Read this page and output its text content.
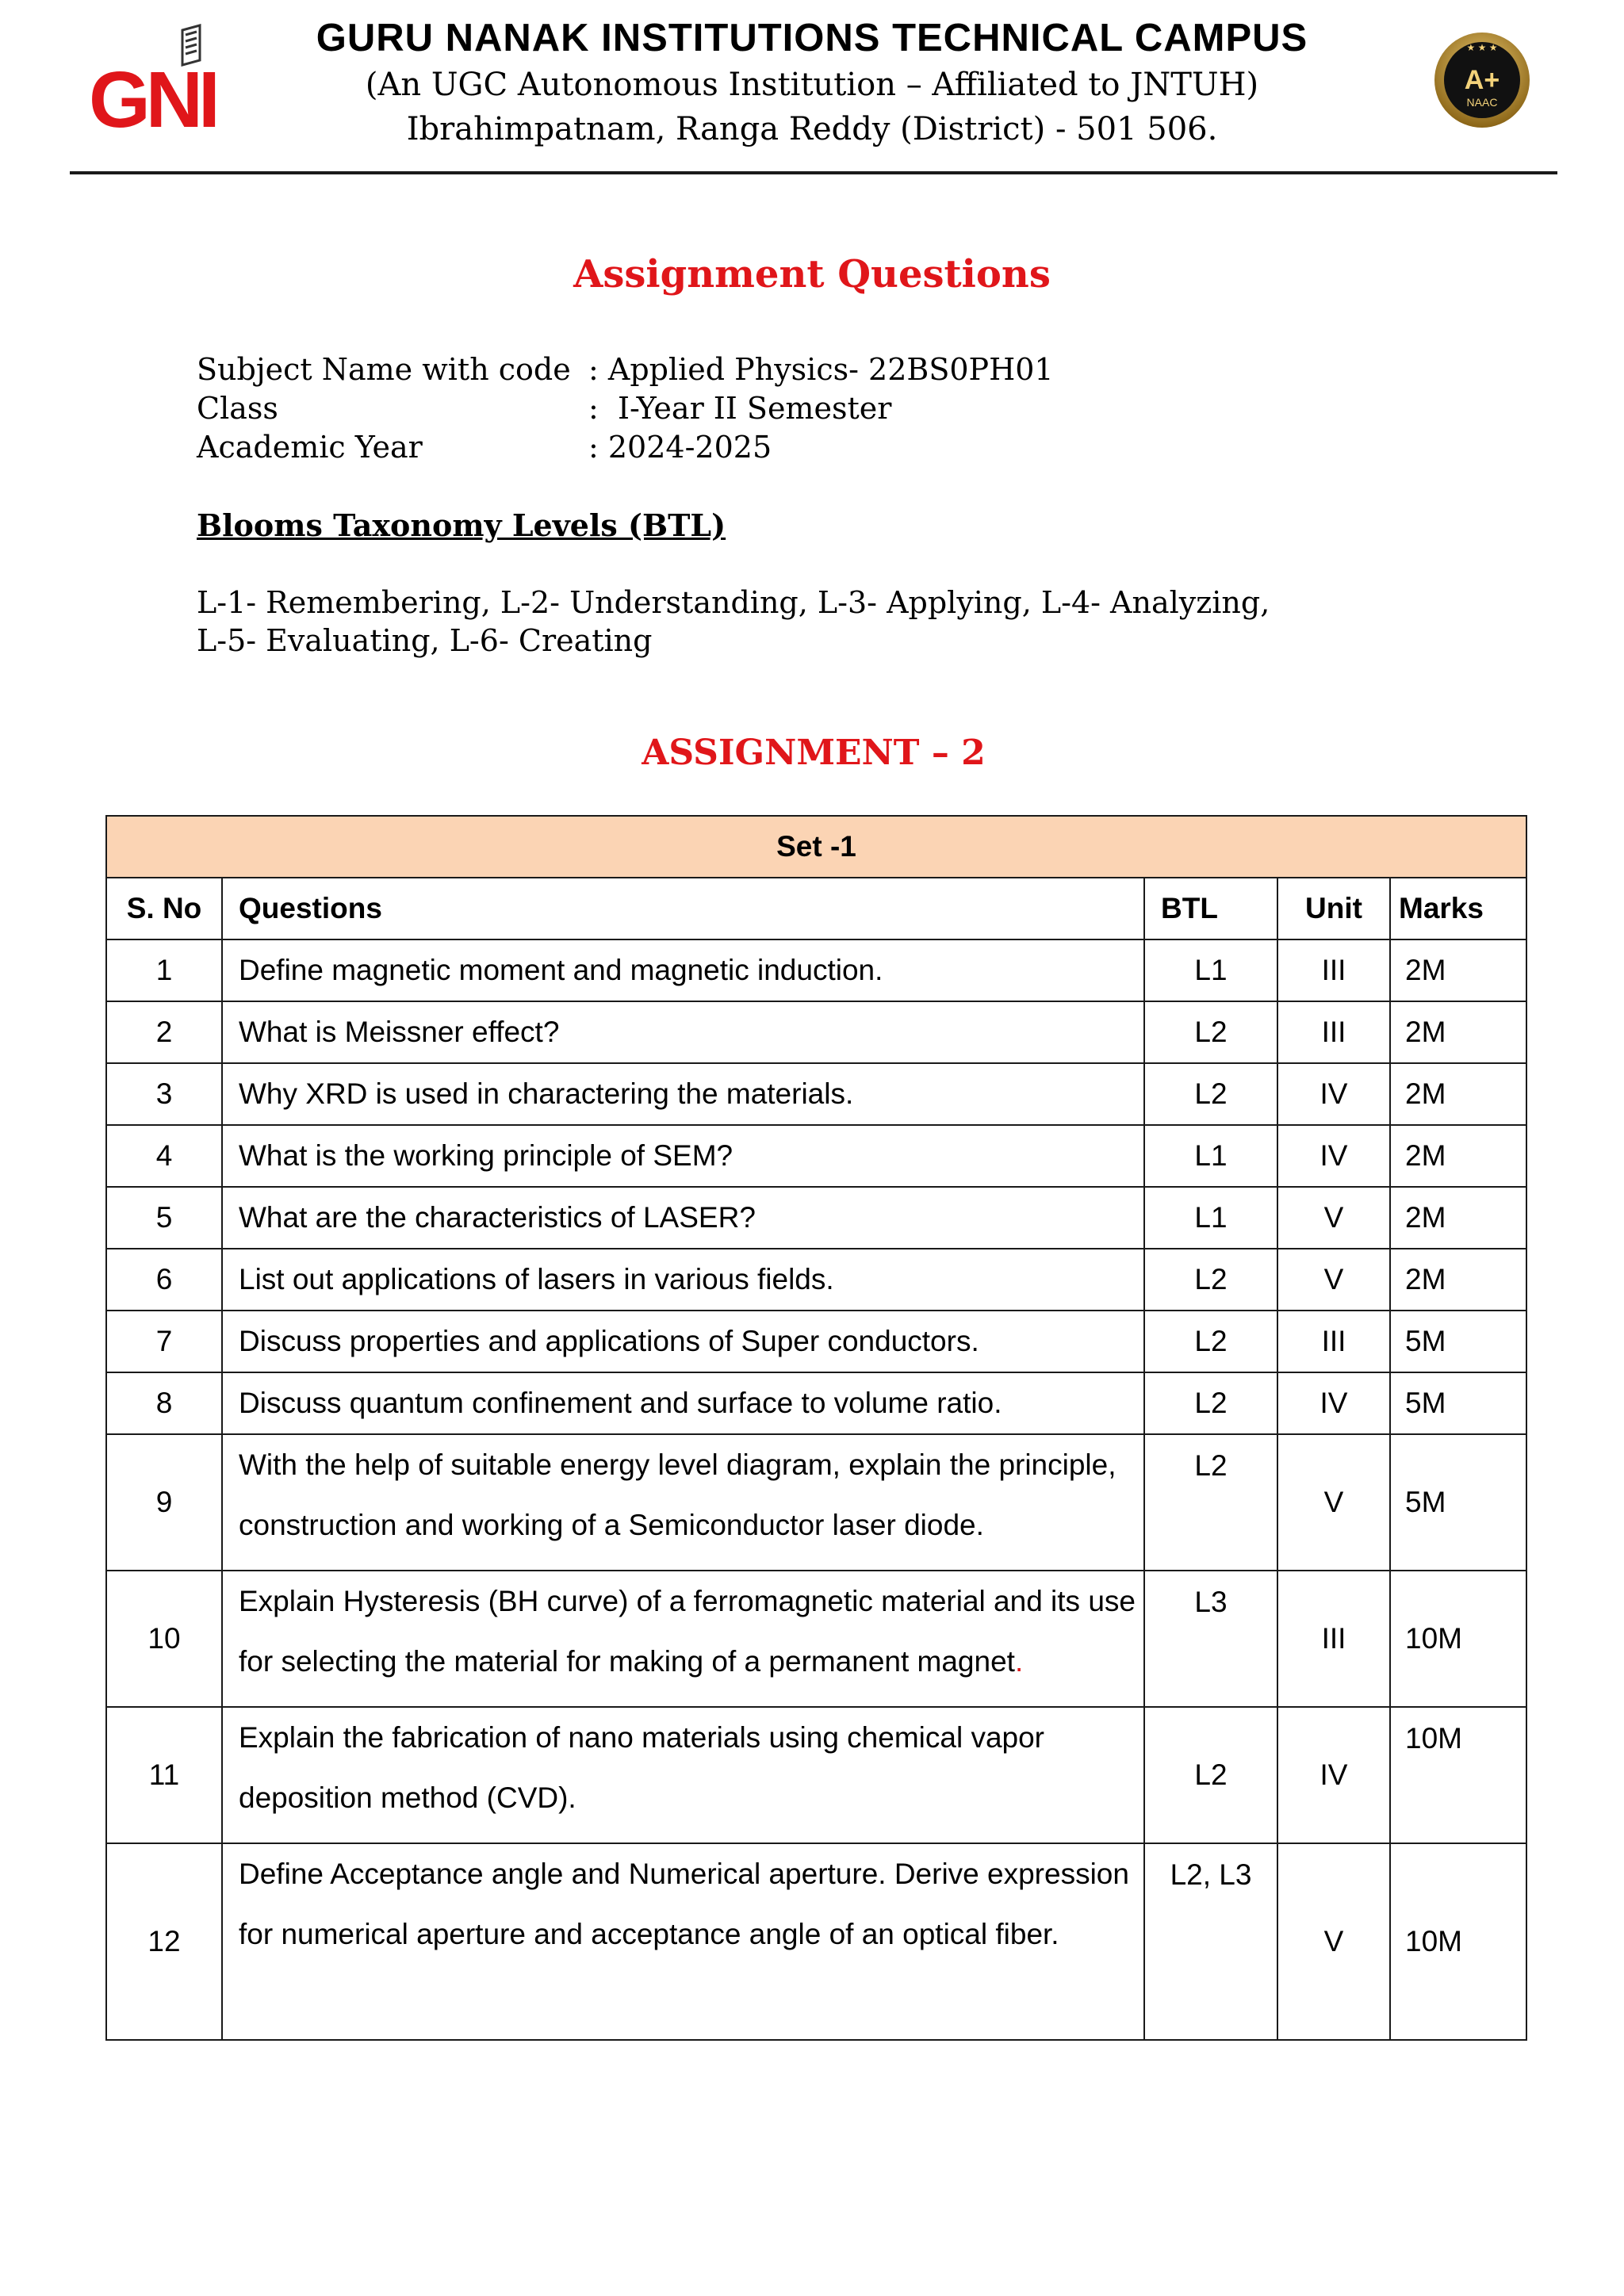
GNI
GURU NANAK INSTITUTIONS TECHNICAL CAMPUS
(An UGC Autonomous Institution – Affiliated to JNTUH)
Ibrahimpatnam, Ranga Reddy (District) - 501 506.
★ ★ ★
A+
NAAC
Assignment Questions
Subject Name with code : Applied Physics- 22BS0PH01
Class	:  I-Year II Semester
Academic Year	: 2024-2025
Blooms Taxonomy Levels (BTL)
L-1- Remembering, L-2- Understanding, L-3- Applying, L-4- Analyzing,
L-5- Evaluating, L-6- Creating
ASSIGNMENT – 2
Set -1				
S. No	Questions	BTL	Unit	Marks
1	Define magnetic moment and magnetic induction.	L1	III	2M
2	What is Meissner effect?	L2	III	2M
3	Why XRD is used in charactering the materials.	L2	IV	2M
4	What is the working principle of SEM?	L1	IV	2M
5	What are the characteristics of LASER?	L1	V	2M
6	List out applications of lasers in various fields.	L2	V	2M
7	Discuss properties and applications of Super conductors.	L2	III	5M
8	Discuss quantum confinement and surface to volume ratio.	L2	IV	5M
9	With the help of suitable energy level diagram, explain the principle,
construction and working of a Semiconductor laser diode.	L2	V	5M
10	Explain Hysteresis (BH curve) of a ferromagnetic material and its use
for selecting the material for making of a permanent magnet.	L3	III	10M
11	Explain the fabrication of nano materials using chemical vapor
deposition method (CVD).	L2	IV	10M
12	Define Acceptance angle and Numerical aperture. Derive expression
for numerical aperture and acceptance angle of an optical fiber.	L2, L3	V	10M
